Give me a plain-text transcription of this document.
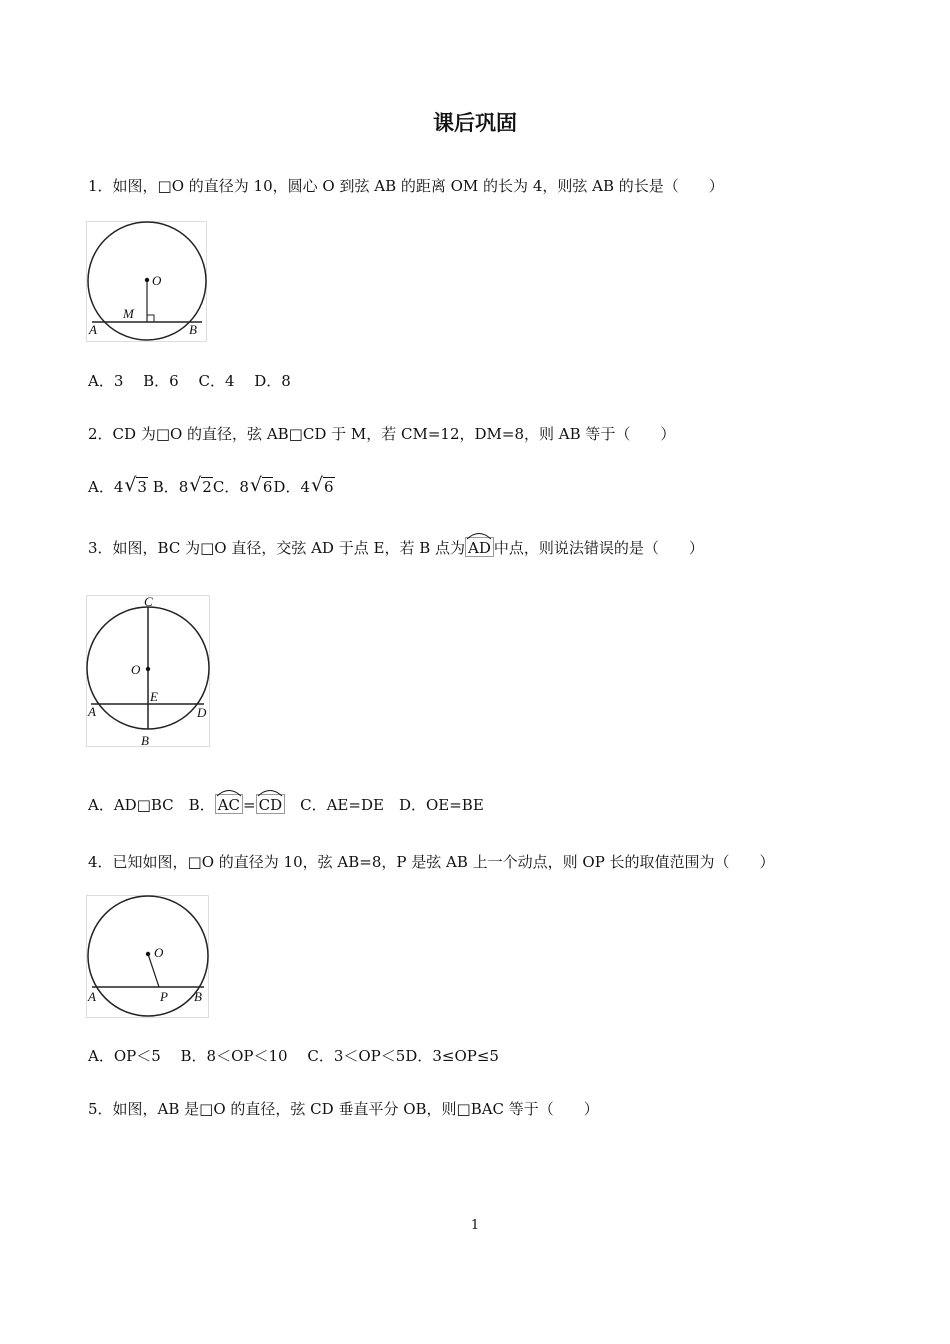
课后巩固
1．如图，□O 的直径为 10，圆心 O 到弦 AB 的距离 OM 的长为 4，则弦 AB 的长是（　　）
O
M
A	B
A．3　 B．6　 C．4　 D．8
2．CD 为□O 的直径，弦 AB□CD 于 M，若 CM=12，DM=8，则 AB 等于（　　）
A．4 √ 3 B．8 √ 2C．8 √ 6D．4 √ 6
3．如图，BC 为□O 直径，交弦 AD 于点 E，若 B 点为 AD 中点，则说法错误的是（　　）
C
O
E
A	D
B
A．AD□BC　 B． AC = CD　 C．AE=DE　 D．OE=BE
4．已知如图，□O 的直径为 10，弦 AB=8，P 是弦 AB 上一个动点，则 OP 长的取值范围为（　　）
O
A	P B
A．OP＜5　 B．8＜OP＜10　 C．3＜OP＜5D．3≤OP≤5
5．如图，AB 是□O 的直径，弦 CD 垂直平分 OB，则□BAC 等于（　　）
1
